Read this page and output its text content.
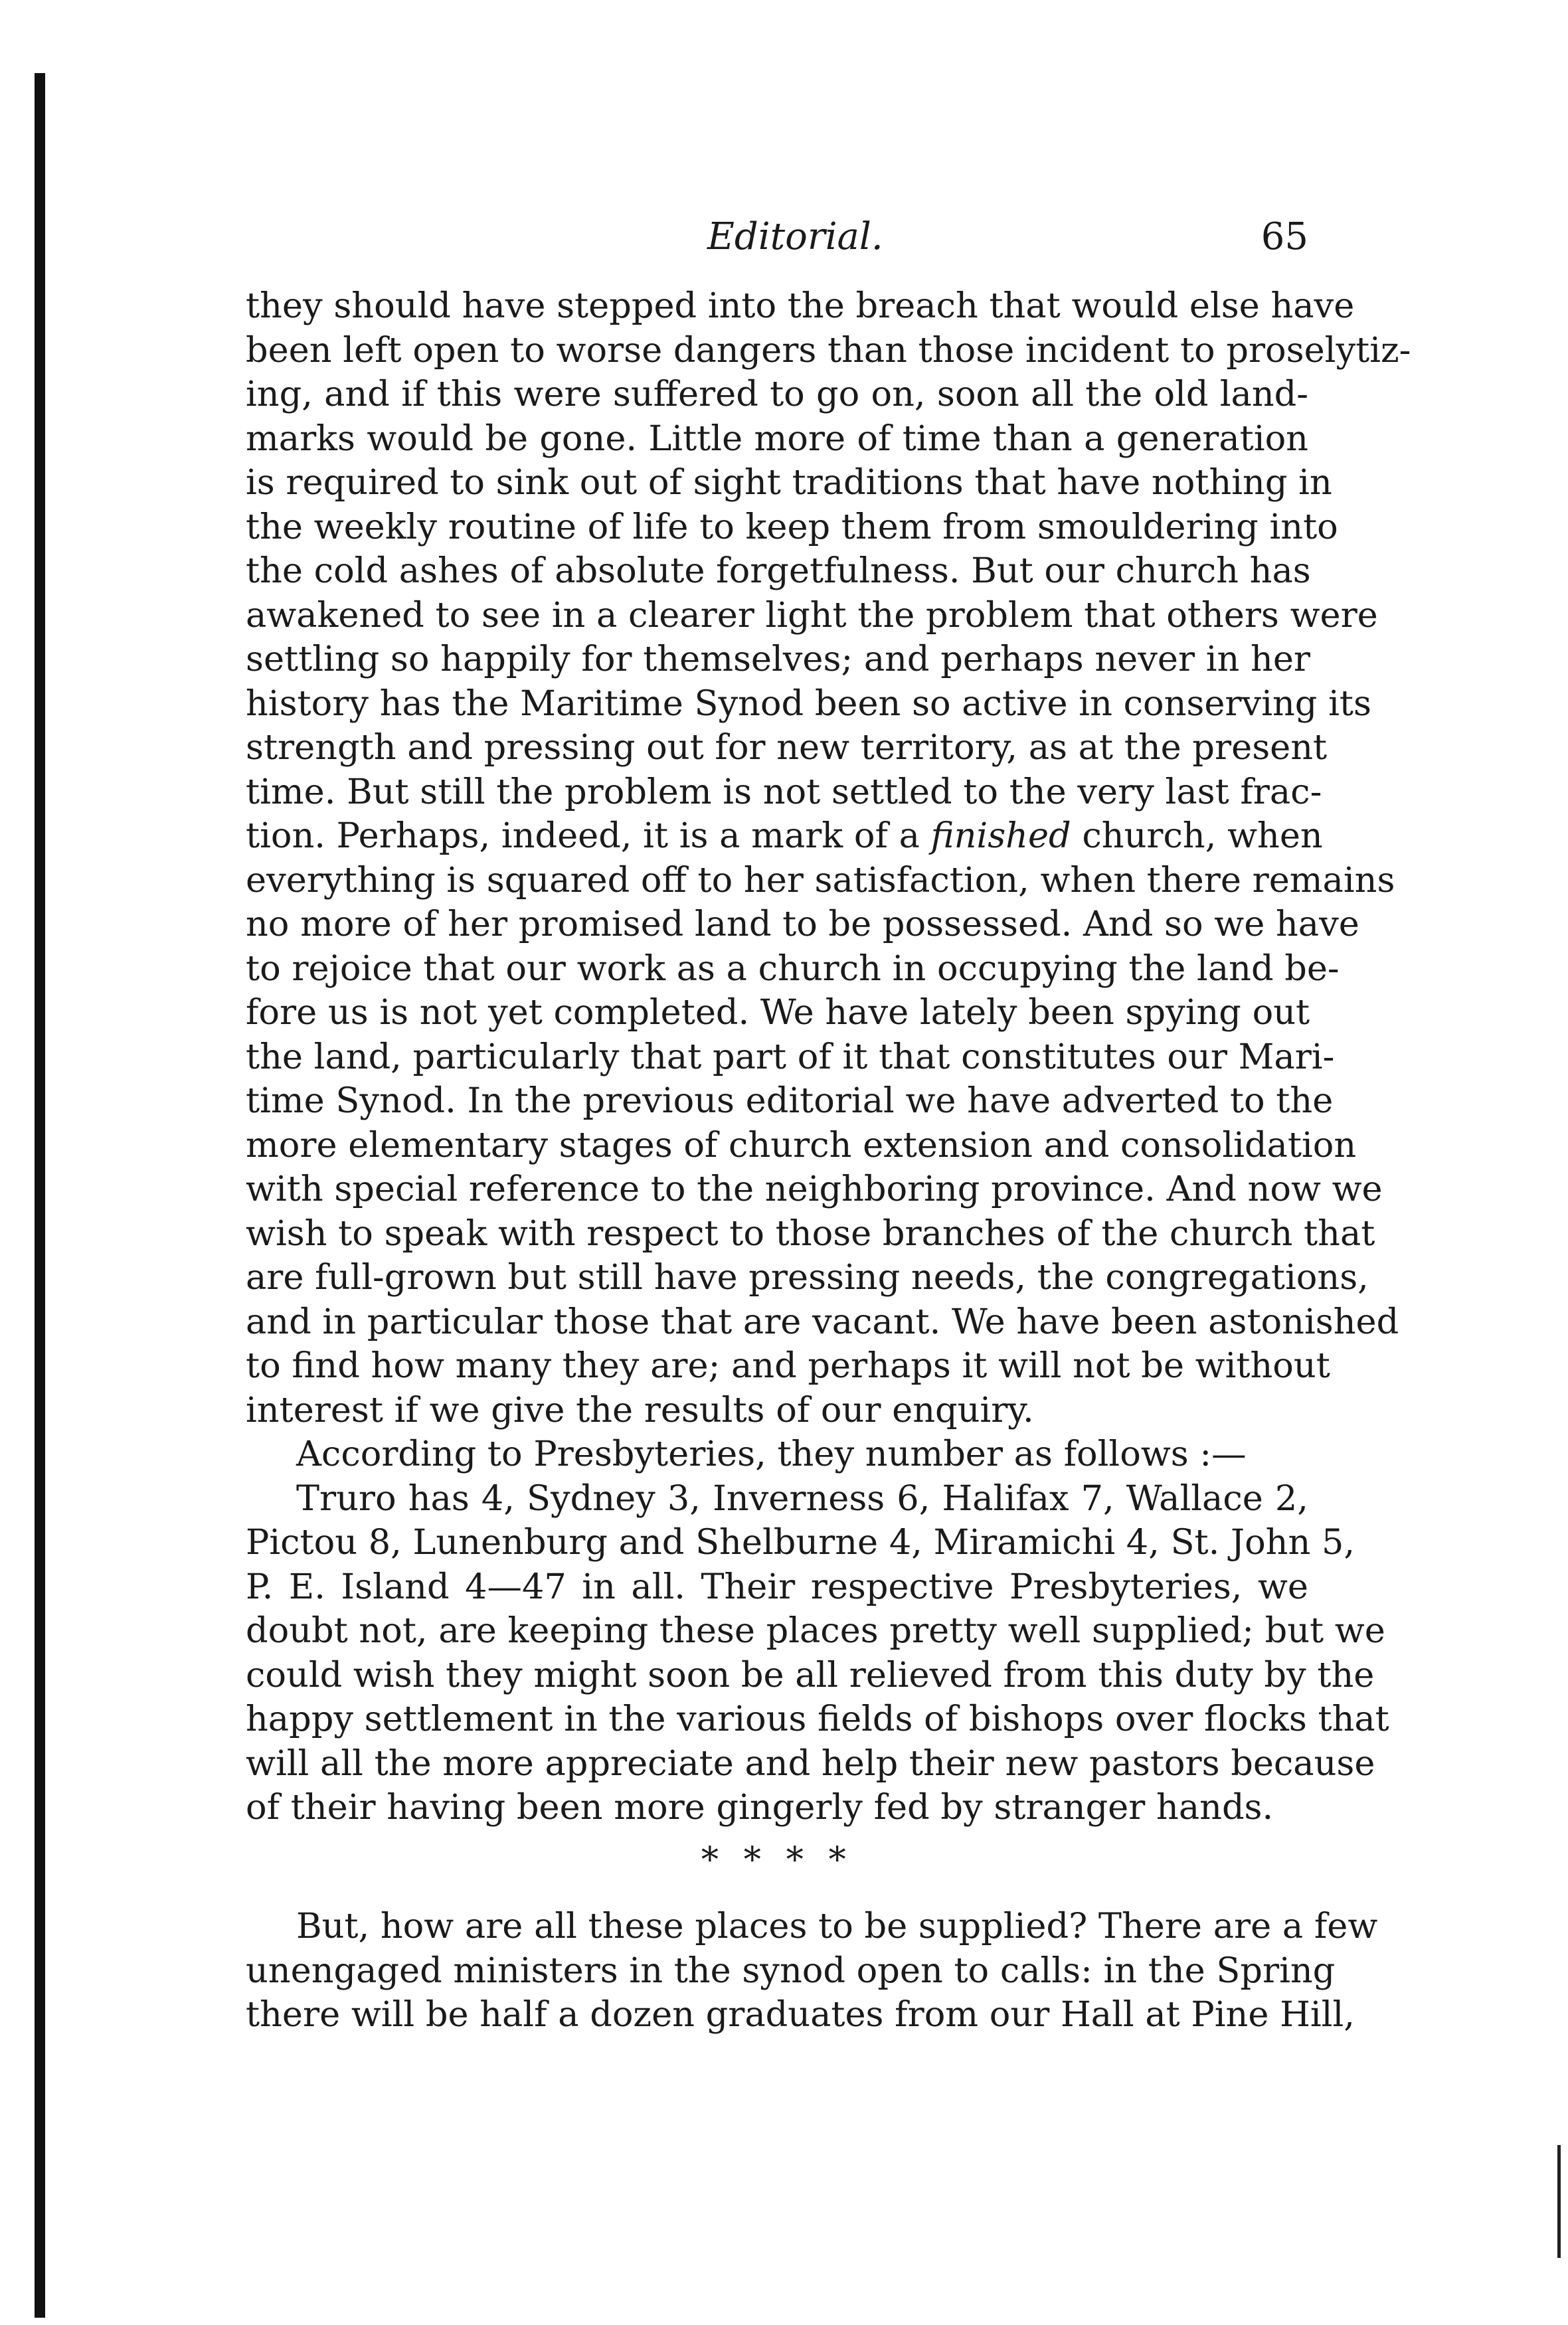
Editorial.	65
they should have stepped into the breach that would else have
been left open to worse dangers than those incident to proselytiz-
ing, and if this were suffered to go on, soon all the old land-
marks would be gone. Little more of time than a generation
is required to sink out of sight traditions that have nothing in
the weekly routine of life to keep them from smouldering into
the cold ashes of absolute forgetfulness. But our church has
awakened to see in a clearer light the problem that others were
settling so happily for themselves; and perhaps never in her
history has the Maritime Synod been so active in conserving its
strength and pressing out for new territory, as at the present
time. But still the problem is not settled to the very last frac-
tion. Perhaps, indeed, it is a mark of a finished church, when
everything is squared off to her satisfaction, when there remains
no more of her promised land to be possessed. And so we have
to rejoice that our work as a church in occupying the land be-
fore us is not yet completed. We have lately been spying out
the land, particularly that part of it that constitutes our Mari-
time Synod. In the previous editorial we have adverted to the
more elementary stages of church extension and consolidation
with special reference to the neighboring province. And now we
wish to speak with respect to those branches of the church that
are full-grown but still have pressing needs, the congregations,
and in particular those that are vacant. We have been astonished
to find how many they are; and perhaps it will not be without
interest if we give the results of our enquiry.
According to Presbyteries, they number as follows :—
Truro has 4, Sydney 3, Inverness 6, Halifax 7, Wallace 2,
Pictou 8, Lunenburg and Shelburne 4, Miramichi 4, St. John 5,
P. E. Island 4—47 in all. Their respective Presbyteries, we
doubt not, are keeping these places pretty well supplied; but we
could wish they might soon be all relieved from this duty by the
happy settlement in the various fields of bishops over flocks that
will all the more appreciate and help their new pastors because
of their having been more gingerly fed by stranger hands.
* * * *
But, how are all these places to be supplied? There are a few
unengaged ministers in the synod open to calls: in the Spring
there will be half a dozen graduates from our Hall at Pine Hill,
